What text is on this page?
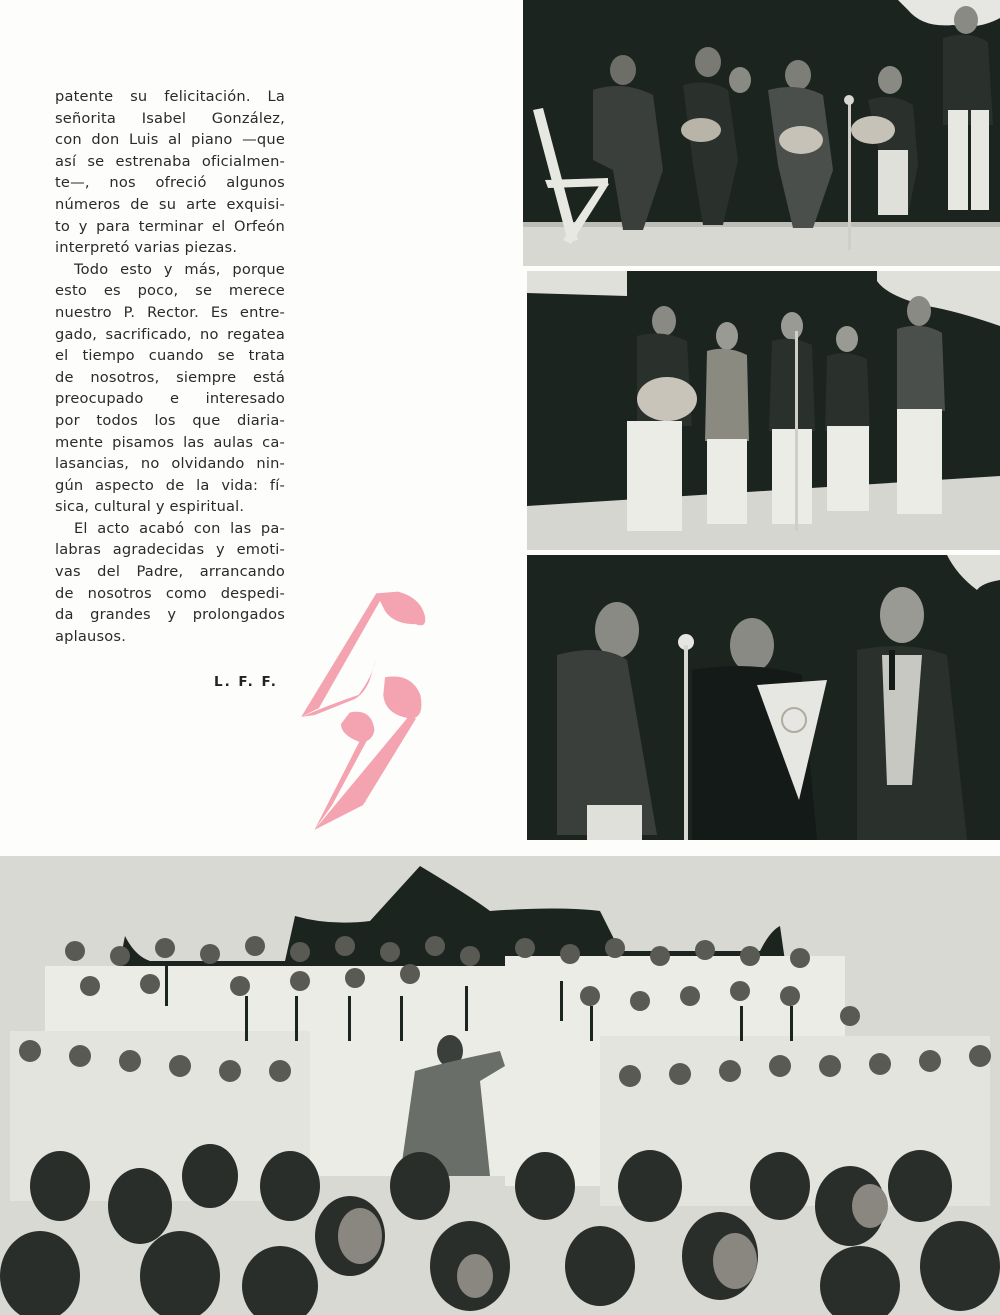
patente su felicitación. La
señorita Isabel González,
con don Luis al piano —que
así se estrenaba oficialmen-
te—, nos ofreció algunos
números de su arte exquisi-
to y para terminar el Orfeón
interpretó varias piezas.

Todo esto y más, porque
esto es poco, se merece
nuestro P. Rector. Es entre-
gado, sacrificado, no regatea
el tiempo cuando se trata
de nosotros, siempre está
preocupado e interesado
por todos los que diaria-
mente pisamos las aulas ca-
lasancias, no olvidando nin-
gún aspecto de la vida: fí-
sica, cultural y espiritual.

El acto acabó con las pa-
labras agradecidas y emoti-
vas del Padre, arrancando
de nosotros como despedi-
da grandes y prolongados
aplausos.

L. F. F.
